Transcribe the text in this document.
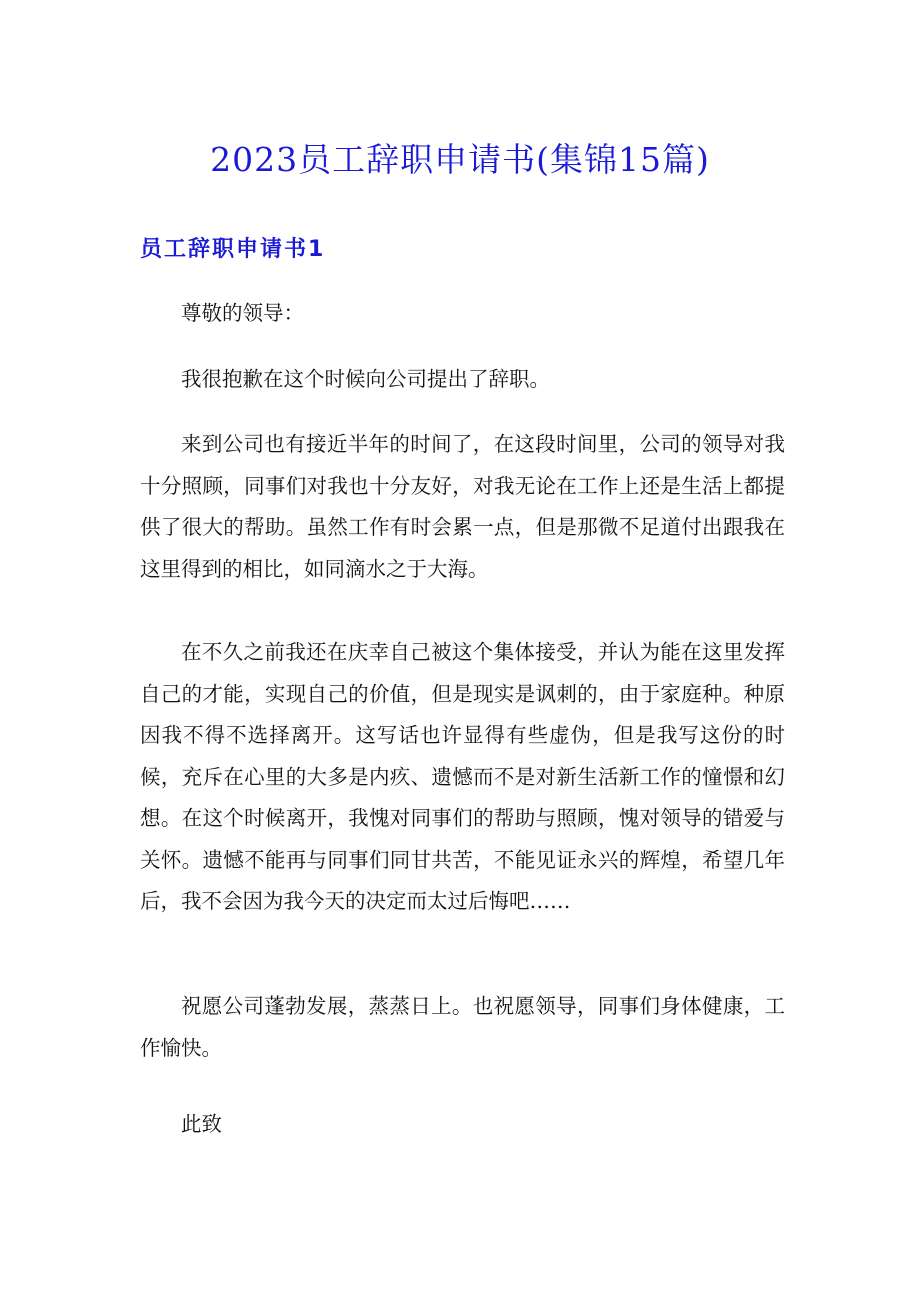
2023员工辞职申请书(集锦15篇)
员工辞职申请书1

尊敬的领导：

我很抱歉在这个时候向公司提出了辞职。

来到公司也有接近半年的时间了，在这段时间里，公司的领导对我十分照顾，同事们对我也十分友好，对我无论在工作上还是生活上都提供了很大的帮助。虽然工作有时会累一点，但是那微不足道付出跟我在这里得到的相比，如同滴水之于大海。

在不久之前我还在庆幸自己被这个集体接受，并认为能在这里发挥自己的才能，实现自己的价值，但是现实是讽刺的，由于家庭种。种原因我不得不选择离开。这写话也许显得有些虚伪，但是我写这份的时候，充斥在心里的大多是内疚、遗憾而不是对新生活新工作的憧憬和幻想。在这个时候离开，我愧对同事们的帮助与照顾，愧对领导的错爱与关怀。遗憾不能再与同事们同甘共苦，不能见证永兴的辉煌，希望几年后，我不会因为我今天的决定而太过后悔吧……

祝愿公司蓬勃发展，蒸蒸日上。也祝愿领导，同事们身体健康，工作愉快。

此致
